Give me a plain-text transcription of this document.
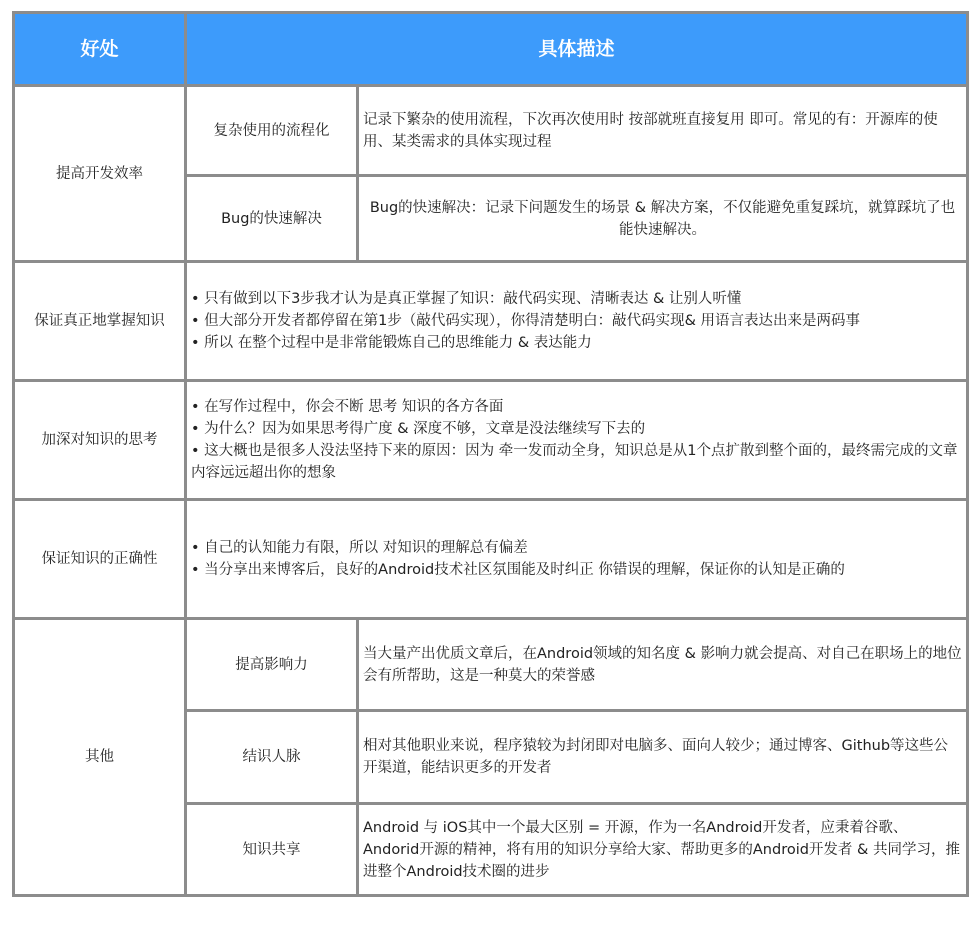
好处	具体描述	
提高开发效率	复杂使用的流程化	记录下繁杂的使用流程，下次再次使用时 按部就班直接复用 即可。常见的有：开源库的使用、某类需求的具体实现过程
	Bug的快速解决	Bug的快速解决：记录下问题发生的场景 & 解决方案，不仅能避免重复踩坑，就算踩坑了也能快速解决。
保证真正地掌握知识	• 只有做到以下3步我才认为是真正掌握了知识：敲代码实现、清晰表达 & 让别人听懂
• 但大部分开发者都停留在第1步（敲代码实现），你得清楚明白：敲代码实现& 用语言表达出来是两码事
• 所以 在整个过程中是非常能锻炼自己的思维能力 & 表达能力	

加深对知识的思考	• 在写作过程中，你会不断 思考 知识的各方各面
• 为什么？因为如果思考得广度 & 深度不够，文章是没法继续写下去的
• 这大概也是很多人没法坚持下来的原因：因为 牵一发而动全身，知识总是从1个点扩散到整个面的，最终需完成的文章内容远远超出你的想象	

保证知识的正确性	• 自己的认知能力有限，所以 对知识的理解总有偏差
• 当分享出来博客后，良好的Android技术社区氛围能及时纠正 你错误的理解，保证你的认知是正确的	

其他	提高影响力	当大量产出优质文章后，在Android领域的知名度 & 影响力就会提高、对自己在职场上的地位会有所帮助，这是一种莫大的荣誉感
	结识人脉	相对其他职业来说，程序猿较为封闭即对电脑多、面向人较少；通过博客、Github等这些公开渠道，能结识更多的开发者
	知识共享	Android 与 iOS其中一个最大区别 = 开源，作为一名Android开发者，应秉着谷歌、Andorid开源的精神，将有用的知识分享给大家、帮助更多的Android开发者 & 共同学习，推进整个Android技术圈的进步
